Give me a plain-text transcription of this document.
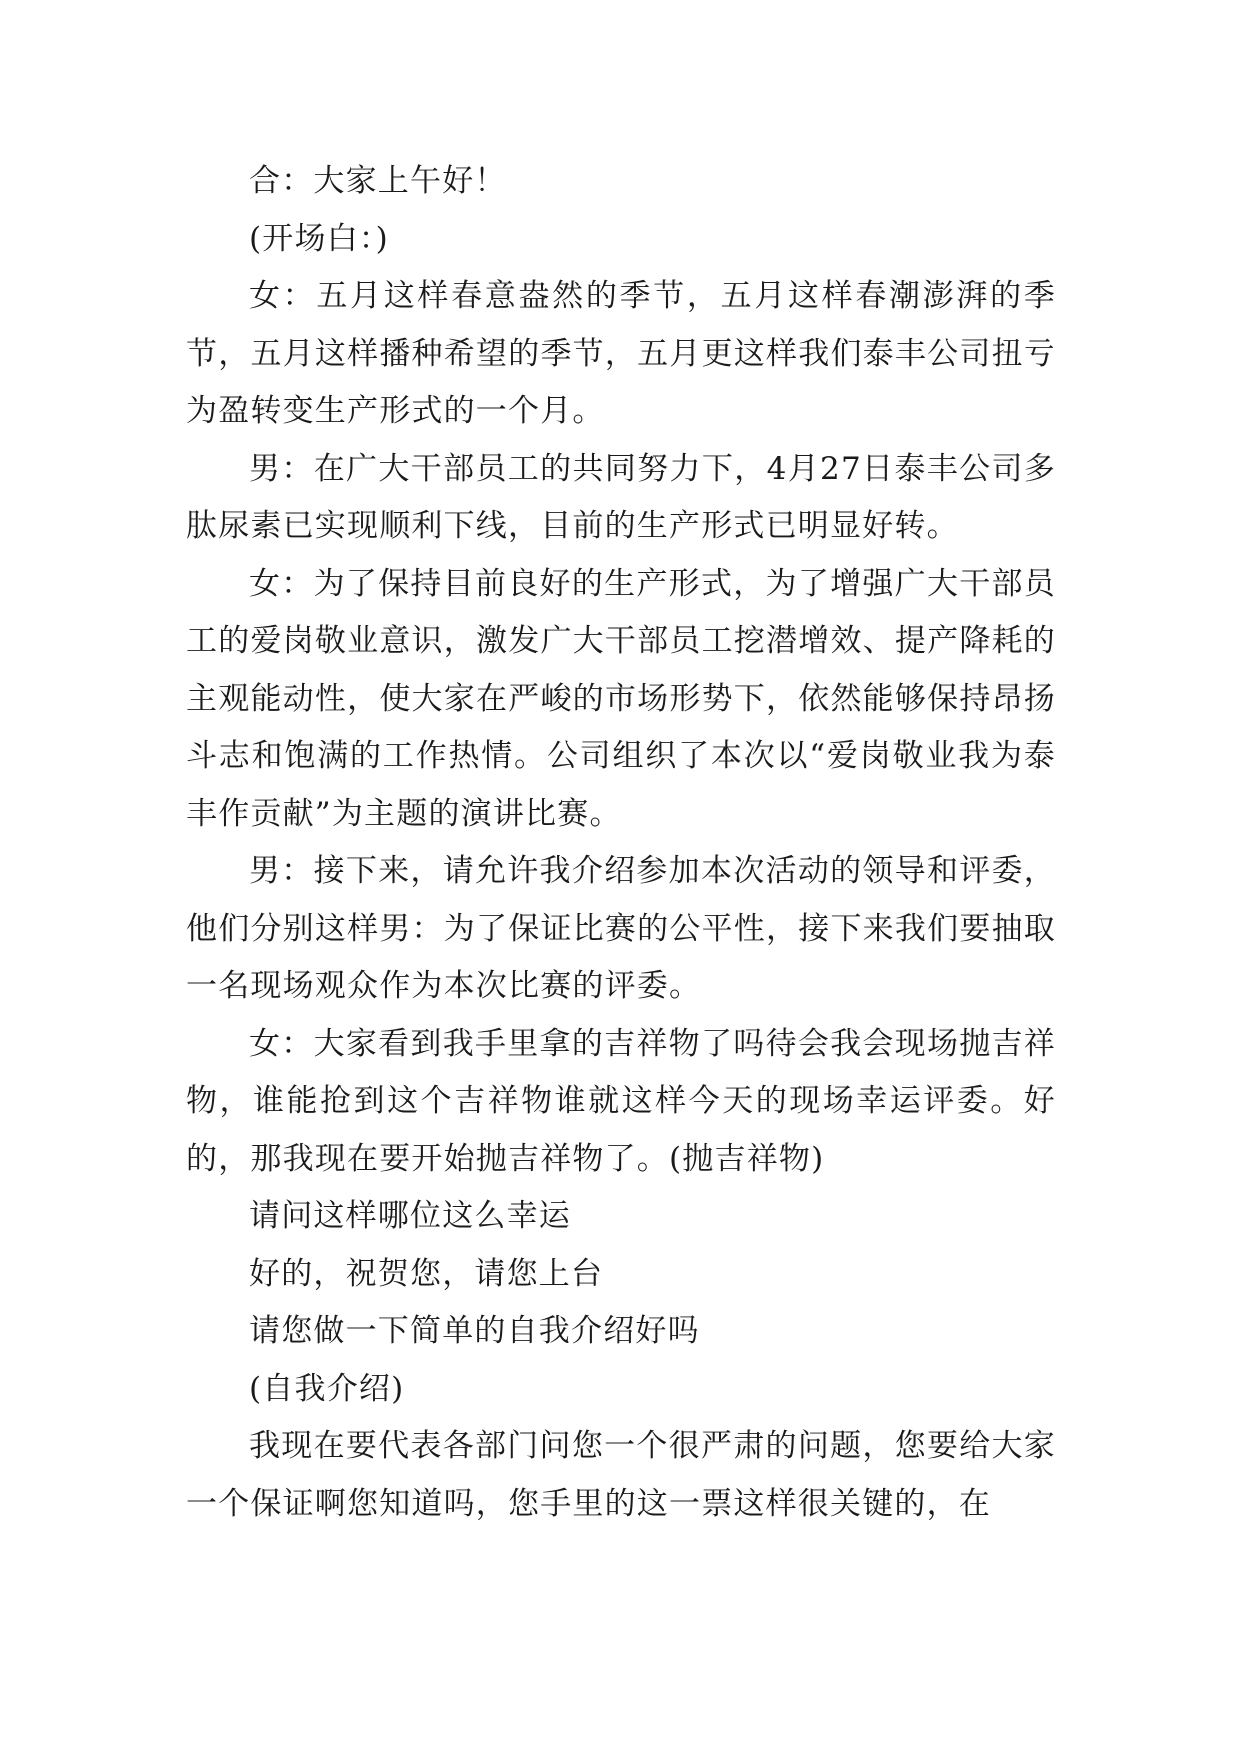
合：大家上午好！

(开场白：)

女：五月这样春意盎然的季节，五月这样春潮澎湃的季节，五月这样播种希望的季节，五月更这样我们泰丰公司扭亏为盈转变生产形式的一个月。

男：在广大干部员工的共同努力下，4月27日泰丰公司多肽尿素已实现顺利下线，目前的生产形式已明显好转。

女：为了保持目前良好的生产形式，为了增强广大干部员工的爱岗敬业意识，激发广大干部员工挖潜增效、提产降耗的主观能动性，使大家在严峻的市场形势下，依然能够保持昂扬斗志和饱满的工作热情。公司组织了本次以“爱岗敬业我为泰丰作贡献”为主题的演讲比赛。

男：接下来，请允许我介绍参加本次活动的领导和评委，他们分别这样男：为了保证比赛的公平性，接下来我们要抽取一名现场观众作为本次比赛的评委。

女：大家看到我手里拿的吉祥物了吗待会我会现场抛吉祥物，谁能抢到这个吉祥物谁就这样今天的现场幸运评委。好的，那我现在要开始抛吉祥物了。(抛吉祥物)

请问这样哪位这么幸运

好的，祝贺您，请您上台

请您做一下简单的自我介绍好吗

(自我介绍)

我现在要代表各部门问您一个很严肃的问题，您要给大家一个保证啊您知道吗，您手里的这一票这样很关键的，在
